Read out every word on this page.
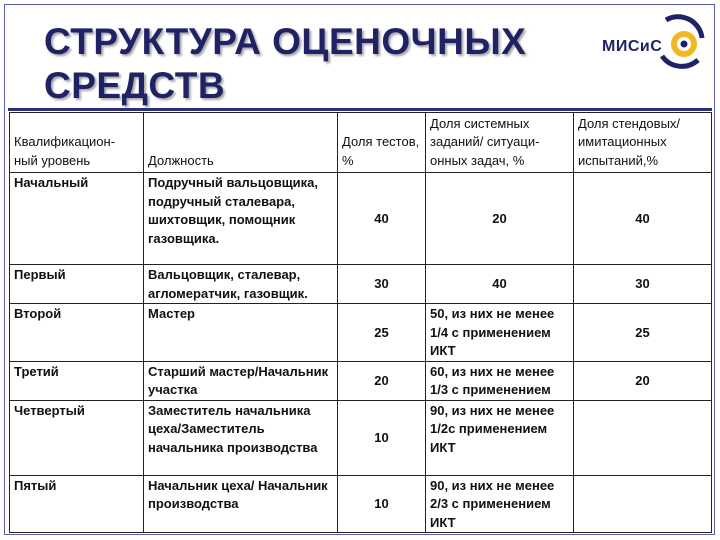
СТРУКТУРА ОЦЕНОЧНЫХ
СРЕДСТВ
МИСиС
Квалификацион-
ный уровень	Должность	Доля тестов, %	Доля системных заданий/ ситуаци-онных задач, %	Доля стендовых/ имитационных испытаний,%
Начальный	Подручный вальцовщика, подручный сталевара, шихтовщик, помощник газовщика.	40	20	40
Первый	Вальцовщик, сталевар, агломератчик, газовщик.	30	40	30
Второй	Мастер	25	50, из них не менее 1/4 с применением ИКТ	25
Третий	Старший мастер/Начальник участка	20	60, из них не менее 1/3 с применением	20
Четвертый	Заместитель начальника цеха/Заместитель начальника производства	10	90, из них не менее 1/2с применением ИКТ	
Пятый	Начальник цеха/ Начальник производства	10	90, из них не менее 2/3 с применением ИКТ	
